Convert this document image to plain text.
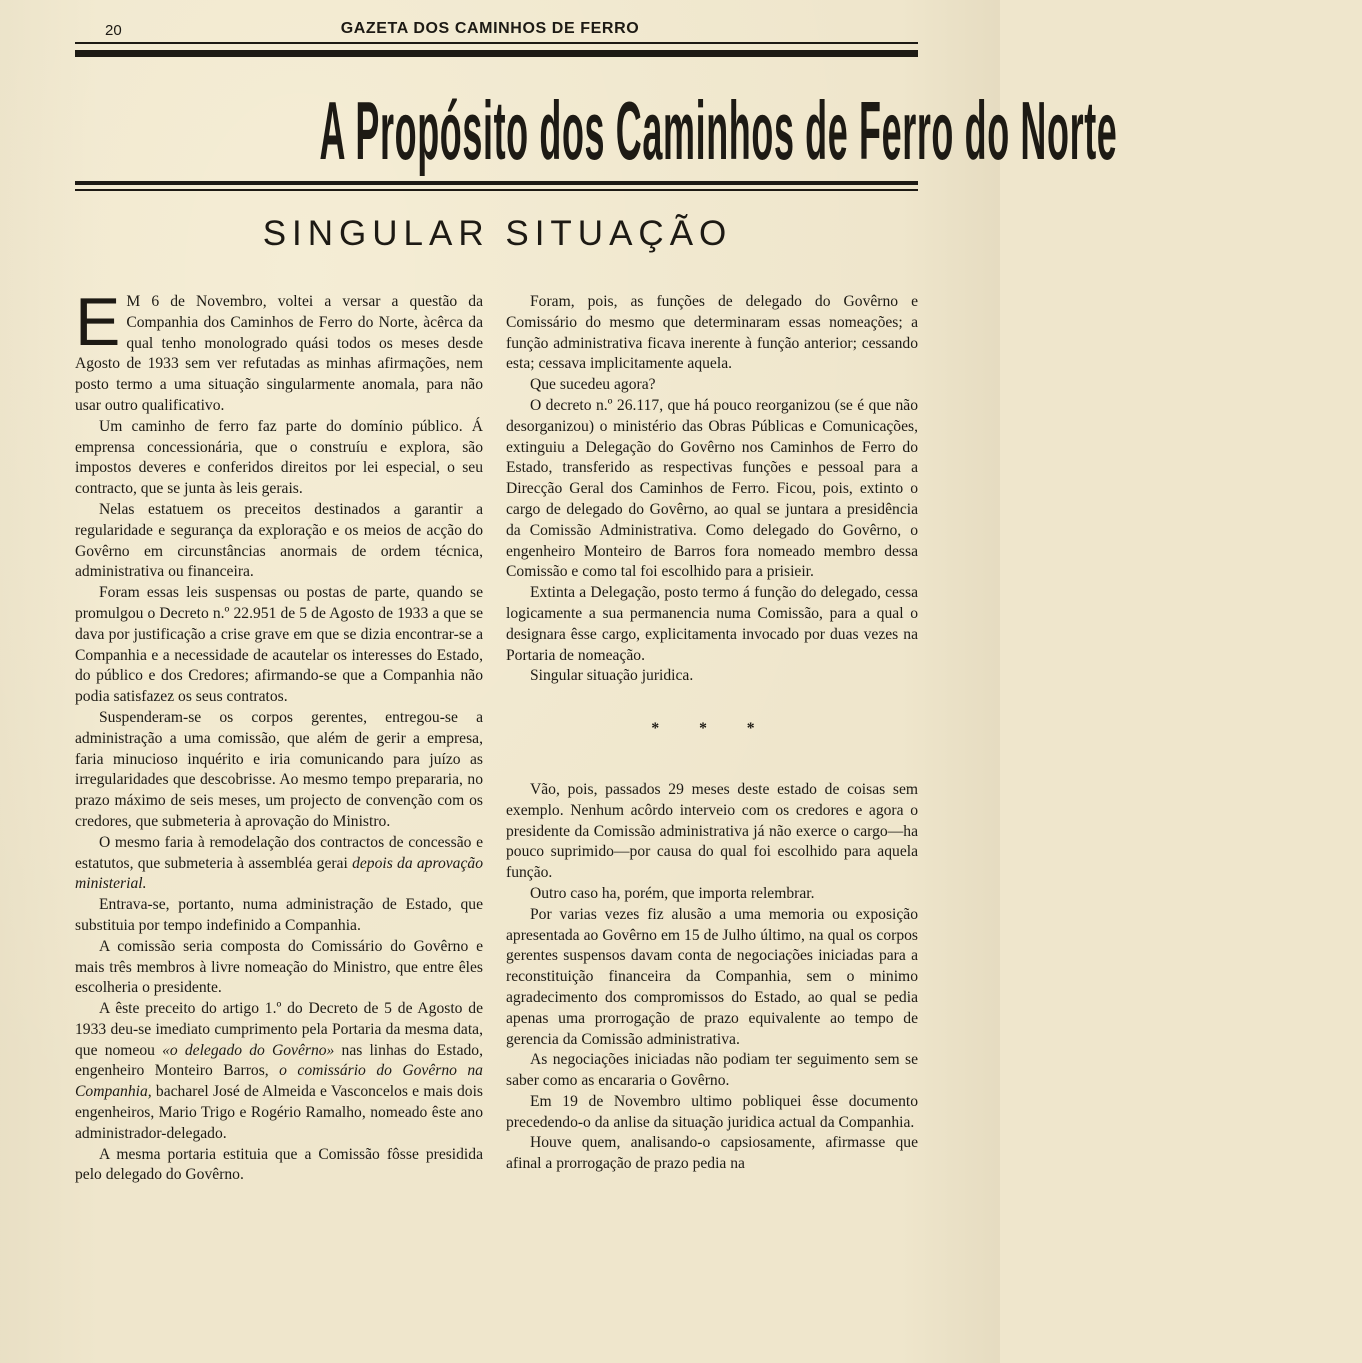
20	GAZETA DOS CAMINHOS DE FERRO
A Propósito dos Caminhos de Ferro do Norte
SINGULAR SITUAÇÃO

E M 6 de Novembro, voltei a versar a questão da Companhia dos Caminhos de Ferro do Norte, àcêrca da qual tenho monologrado quási todos os meses desde Agosto de 1933 sem ver refutadas as minhas afirmações, nem posto termo a uma situação singularmente anomala, para não usar outro qualificativo.

Um caminho de ferro faz parte do domínio público. Á emprensa concessionária, que o construíu e explora, são impostos deveres e conferidos direitos por lei especial, o seu contracto, que se junta às leis gerais.

Nelas estatuem os preceitos destinados a garantir a regularidade e segurança da exploração e os meios de acção do Govêrno em circunstâncias anormais de ordem técnica, administrativa ou financeira.

Foram essas leis suspensas ou postas de parte, quando se promulgou o Decreto n.º 22.951 de 5 de Agosto de 1933 a que se dava por justificação a crise grave em que se dizia encontrar-se a Companhia e a necessidade de acautelar os interesses do Estado, do público e dos Credores; afirmando-se que a Companhia não podia satisfazez os seus contratos.

Suspenderam-se os corpos gerentes, entregou-se a administração a uma comissão, que além de gerir a empresa, faria minucioso inquérito e iria comunicando para juízo as irregularidades que descobrisse. Ao mesmo tempo prepararia, no prazo máximo de seis meses, um projecto de convenção com os credores, que submeteria à aprovação do Ministro.

O mesmo faria à remodelação dos contractos de concessão e estatutos, que submeteria à assembléa gerai depois da aprovação ministerial.

Entrava-se, portanto, numa administração de Estado, que substituia por tempo indefinido a Companhia.

A comissão seria composta do Comissário do Govêrno e mais três membros à livre nomeação do Ministro, que entre êles escolheria o presidente.

A êste preceito do artigo 1.º do Decreto de 5 de Agosto de 1933 deu-se imediato cumprimento pela Portaria da mesma data, que nomeou «o delegado do Govêrno» nas linhas do Estado, engenheiro Monteiro Barros, o comissário do Govêrno na Companhia, bacharel José de Almeida e Vasconcelos e mais dois engenheiros, Mario Trigo e Rogério Ramalho, nomeado êste ano administrador-delegado.

A mesma portaria estituia que a Comissão fôsse presidida pelo delegado do Govêrno.

Foram, pois, as funções de delegado do Govêrno e Comissário do mesmo que determinaram essas nomeações; a função administrativa ficava inerente à função anterior; cessando esta; cessava implicitamente aquela.

Que sucedeu agora?

O decreto n.º 26.117, que há pouco reorganizou (se é que não desorganizou) o ministério das Obras Públicas e Comunicações, extinguiu a Delegação do Govêrno nos Caminhos de Ferro do Estado, transferido as respectivas funções e pessoal para a Direcção Geral dos Caminhos de Ferro. Ficou, pois, extinto o cargo de delegado do Govêrno, ao qual se juntara a presidência da Comissão Administrativa. Como delegado do Govêrno, o engenheiro Monteiro de Barros fora nomeado membro dessa Comissão e como tal foi escolhido para a prisieir.

Extinta a Delegação, posto termo á função do delegado, cessa logicamente a sua permanencia numa Comissão, para a qual o designara êsse cargo, explicitamenta invocado por duas vezes na Portaria de nomeação.

Singular situação juridica.

* * *

Vão, pois, passados 29 meses deste estado de coisas sem exemplo. Nenhum acôrdo interveio com os credores e agora o presidente da Comissão administrativa já não exerce o cargo—ha pouco suprimido—por causa do qual foi escolhido para aquela função.

Outro caso ha, porém, que importa relembrar.

Por varias vezes fiz alusão a uma memoria ou exposição apresentada ao Govêrno em 15 de Julho último, na qual os corpos gerentes suspensos davam conta de negociações iniciadas para a reconstituição financeira da Companhia, sem o minimo agradecimento dos compromissos do Estado, ao qual se pedia apenas uma prorrogação de prazo equivalente ao tempo de gerencia da Comissão administrativa.

As negociações iniciadas não podiam ter seguimento sem se saber como as encararia o Govêrno.

Em 19 de Novembro ultimo pobliquei êsse documento precedendo-o da anlise da situação juridica actual da Companhia.

Houve quem, analisando-o capsiosamente, afirmasse que afinal a prorrogação de prazo pedia na
